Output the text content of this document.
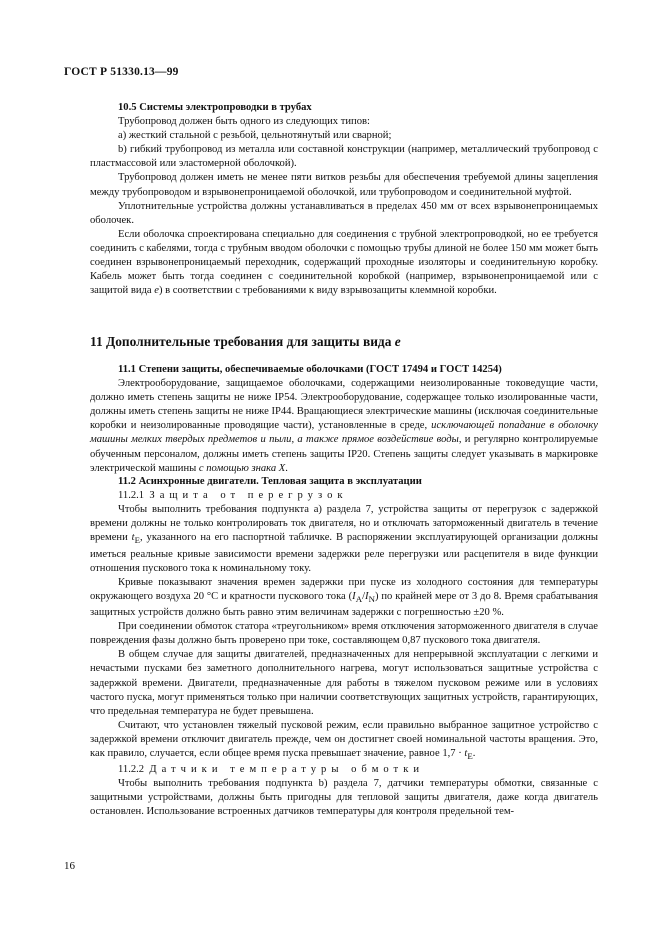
ГОСТ Р 51330.13—99

10.5 Системы электропроводки в трубах

Трубопровод должен быть одного из следующих типов:

а) жесткий стальной с резьбой, цельнотянутый или сварной;

b) гибкий трубопровод из металла или составной конструкции (например, металлический трубопровод с пластмассовой или эластомерной оболочкой).

Трубопровод должен иметь не менее пяти витков резьбы для обеспечения требуемой длины зацепления между трубопроводом и взрывонепроницаемой оболочкой, или трубопроводом и соединительной муфтой.

Уплотнительные устройства должны устанавливаться в пределах 450 мм от всех взрывонепроницаемых оболочек.

Если оболочка спроектирована специально для соединения с трубной электропроводкой, но ее требуется соединить с кабелями, тогда с трубным вводом оболочки с помощью трубы длиной не более 150 мм может быть соединен взрывонепроницаемый переходник, содержащий проходные изоляторы и соединительную коробку. Кабель может быть тогда соединен с соединительной коробкой (например, взрывонепроницаемой или с защитой вида е) в соответствии с требованиями к виду взрывозащиты клеммной коробки.

11 Дополнительные требования для защиты вида е

11.1 Степени защиты, обеспечиваемые оболочками (ГОСТ 17494 и ГОСТ 14254)

Электрооборудование, защищаемое оболочками, содержащими неизолированные токоведущие части, должно иметь степень защиты не ниже IP54. Электрооборудование, содержащее только изолированные части, должны иметь степень защиты не ниже IP44. Вращающиеся электрические машины (исключая соединительные коробки и неизолированные проводящие части), установленные в среде, исключающей попадание в оболочку машины мелких твердых предметов и пыли, а также прямое воздействие воды, и регулярно контролируемые обученным персоналом, должны иметь степень защиты IP20. Степень защиты следует указывать в маркировке электрической машины с помощью знака X.

11.2 Асинхронные двигатели. Тепловая защита в эксплуатации

11.2.1 Защита от перегрузок

Чтобы выполнить требования подпункта а) раздела 7, устройства защиты от перегрузок с задержкой времени должны не только контролировать ток двигателя, но и отключать заторможенный двигатель в течение времени $t_E$, указанного на его паспортной табличке. В распоряжении эксплуатирующей организации должны иметься реальные кривые зависимости времени задержки реле перегрузки или расцепителя в виде функции отношения пускового тока к номинальному току.

Кривые показывают значения времен задержки при пуске из холодного состояния для температуры окружающего воздуха 20 °С и кратности пускового тока $(I_A/I_N)$ по крайней мере от 3 до 8. Время срабатывания защитных устройств должно быть равно этим величинам задержки с погрешностью ±20 %.

При соединении обмоток статора «треугольником» время отключения заторможенного двигателя в случае повреждения фазы должно быть проверено при токе, составляющем 0,87 пускового тока двигателя.

В общем случае для защиты двигателей, предназначенных для непрерывной эксплуатации с легкими и нечастыми пусками без заметного дополнительного нагрева, могут использоваться защитные устройства с задержкой времени. Двигатели, предназначенные для работы в тяжелом пусковом режиме или в условиях частого пуска, могут применяться только при наличии соответствующих защитных устройств, гарантирующих, что предельная температура не будет превышена.

Считают, что установлен тяжелый пусковой режим, если правильно выбранное защитное устройство с задержкой времени отключит двигатель прежде, чем он достигнет своей номинальной частоты вращения. Это, как правило, случается, если общее время пуска превышает значение, равное $1,7 \cdot t_E$.

11.2.2 Датчики температуры обмотки

Чтобы выполнить требования подпункта b) раздела 7, датчики температуры обмотки, связанные с защитными устройствами, должны быть пригодны для тепловой защиты двигателя, даже когда двигатель остановлен. Использование встроенных датчиков температуры для контроля предельной тем-

16
